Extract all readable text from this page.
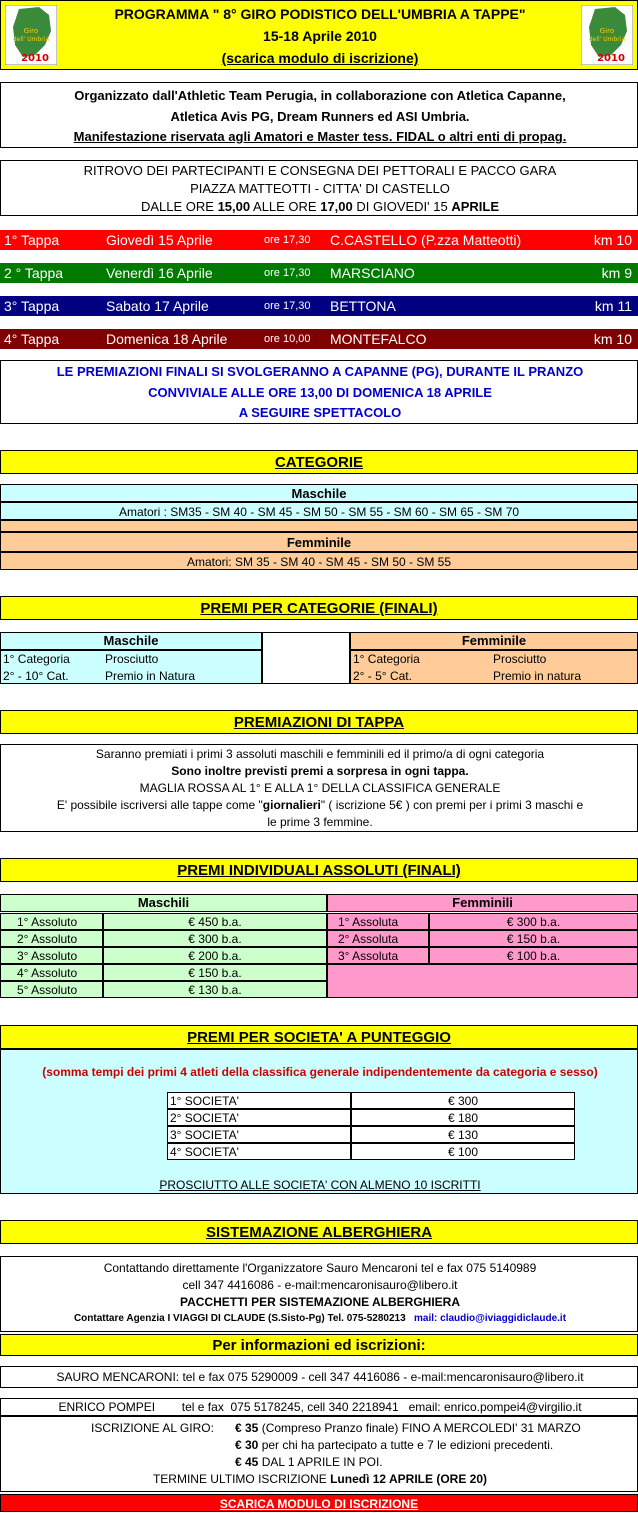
Giro
dell' Umbria
2010
PROGRAMMA " 8° GIRO PODISTICO DELL'UMBRIA A TAPPE"
15-18 Aprile 2010
(scarica modulo di iscrizione)
Giro
dell' Umbria
2010
Organizzato dall'Athletic Team Perugia, in collaborazione con Atletica Capanne,
Atletica Avis PG, Dream Runners ed ASI Umbria.
Manifestazione riservata agli Amatori e Master tess. FIDAL o altri enti di propag.
RITROVO DEI PARTECIPANTI E CONSEGNA DEI PETTORALI E PACCO GARA
PIAZZA MATTEOTTI - CITTA' DI CASTELLO
DALLE ORE 15,00 ALLE ORE 17,00 DI GIOVEDI' 15 APRILE
1° Tappa	Giovedì 15 Aprile	ore 17,30 C.CASTELLO (P.zza Matteotti)	km 10
2 ° Tappa	Venerdì 16 Aprile	ore 17,30 MARSCIANO	km 9
3° Tappa	Sabato 17 Aprile	ore 17,30 BETTONA	km 11
4° Tappa	Domenica 18 Aprile	ore 10,00 MONTEFALCO	km 10
LE PREMIAZIONI FINALI SI SVOLGERANNO A CAPANNE (PG), DURANTE IL PRANZO
CONVIVIALE ALLE ORE 13,00 DI DOMENICA 18 APRILE
A SEGUIRE SPETTACOLO
CATEGORIE
Maschile
Amatori : SM35 - SM 40 - SM 45 - SM 50 - SM 55 - SM 60 - SM 65 - SM 70
Femminile
Amatori: SM 35 - SM 40 - SM 45 - SM 50 - SM 55
PREMI PER CATEGORIE (FINALI)
Maschile
1° Categoria	Prosciutto
2° - 10° Cat.	Premio in Natura
Femminile
1° Categoria	Prosciutto
2° - 5° Cat.	Premio in natura
PREMIAZIONI DI TAPPA
Saranno premiati i primi 3 assoluti maschili e femminili ed il primo/a di ogni categoria
Sono inoltre previsti premi a sorpresa in ogni tappa.
MAGLIA ROSSA AL 1° E ALLA 1° DELLA CLASSIFICA GENERALE
E' possibile iscriversi alle tappe come "giornalieri" ( iscrizione 5€ ) con premi per i primi 3 maschi e
le prime 3 femmine.
PREMI INDIVIDUALI ASSOLUTI (FINALI)
Maschili	Femminili
1° Assoluto	€ 450 b.a.
2° Assoluto	€ 300 b.a.
3° Assoluto	€ 200 b.a.
4° Assoluto	€ 150 b.a.
5° Assoluto	€ 130 b.a.
1° Assoluta	€ 300 b.a.
2° Assoluta	€ 150 b.a.
3° Assoluta	€ 100 b.a.
PREMI PER SOCIETA' A PUNTEGGIO
(somma tempi dei primi 4 atleti della classifica generale indipendentemente da categoria e sesso)
1° SOCIETA'	€ 300
2° SOCIETA'	€ 180
3° SOCIETA'	€ 130
4° SOCIETA'	€ 100
PROSCIUTTO ALLE SOCIETA' CON ALMENO 10 ISCRITTI
SISTEMAZIONE ALBERGHIERA
Contattando direttamente l'Organizzatore Sauro Mencaroni tel e fax 075 5140989
cell 347 4416086 - e-mail:mencaronisauro@libero.it
PACCHETTI PER SISTEMAZIONE ALBERGHIERA
Contattare Agenzia I VIAGGI DI CLAUDE (S.Sisto-Pg) Tel. 075-5280213 mail: claudio@iviaggidiclaude.it
Per informazioni ed iscrizioni:
SAURO MENCARONI: tel e fax 075 5290009 - cell 347 4416086 - e-mail:mencaronisauro@libero.it
ENRICO POMPEI        tel e fax  075 5178245, cell 340 2218941   email: enrico.pompei4@virgilio.it
ISCRIZIONE AL GIRO: € 35 (Compreso Pranzo finale) FINO A MERCOLEDI' 31 MARZO
€ 30 per chi ha partecipato a tutte e 7 le edizioni precedenti.
€ 45 DAL 1 APRILE IN POI.
TERMINE ULTIMO ISCRIZIONE Lunedì 12 APRILE (ORE 20)
SCARICA MODULO DI ISCRIZIONE
